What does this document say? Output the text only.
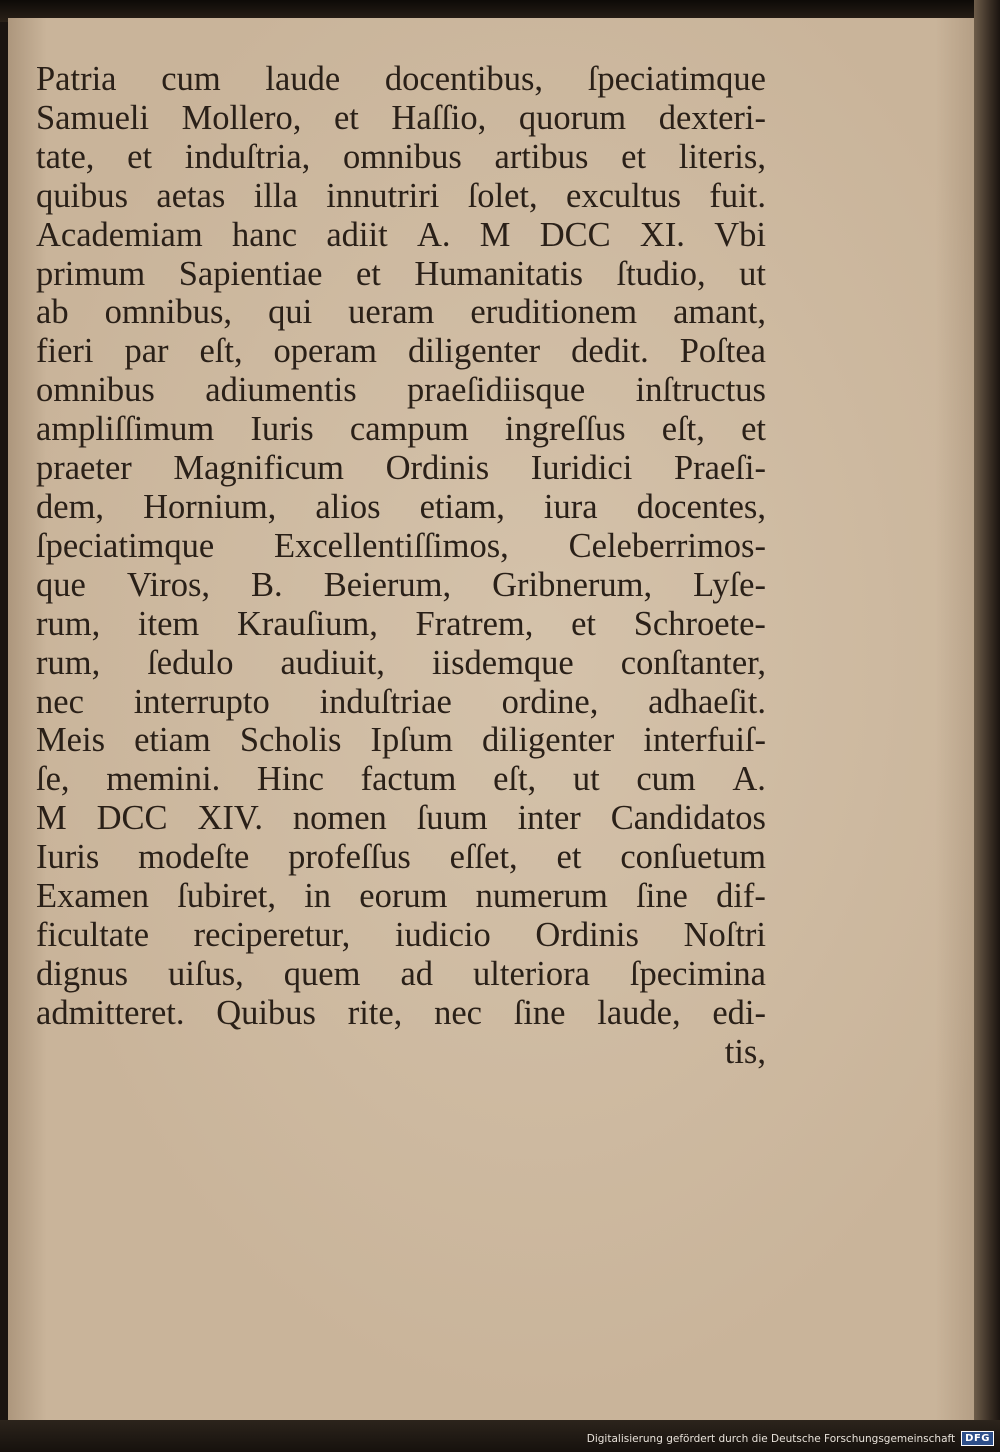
Patria cum laude docentibus, ſpeciatimque
Samueli Mollero, et Haſſio, quorum dexteri-
tate, et induſtria, omnibus artibus et literis,
quibus aetas illa innutriri ſolet, excultus fuit.
Academiam hanc adiit A. M DCC XI. Vbi
primum Sapientiae et Humanitatis ſtudio, ut
ab omnibus, qui ueram eruditionem amant,
fieri par eſt, operam diligenter dedit. Poſtea
omnibus adiumentis praeſidiisque inſtructus
ampliſſimum Iuris campum ingreſſus eſt, et
praeter Magnificum Ordinis Iuridici Praeſi-
dem, Hornium, alios etiam, iura docentes,
ſpeciatimque Excellentiſſimos, Celeberrimos-
que Viros, B. Beierum, Gribnerum, Lyſe-
rum, item Krauſium, Fratrem, et Schroete-
rum, ſedulo audiuit, iisdemque conſtanter,
nec interrupto induſtriae ordine, adhaeſit.
Meis etiam Scholis Ipſum diligenter interfuiſ-
ſe, memini. Hinc factum eſt, ut cum A.
M DCC XIV. nomen ſuum inter Candidatos
Iuris modeſte profeſſus eſſet, et conſuetum
Examen ſubiret, in eorum numerum ſine dif-
ficultate reciperetur, iudicio Ordinis Noſtri
dignus uiſus, quem ad ulteriora ſpecimina
admitteret. Quibus rite, nec ſine laude, edi-
tis,
Digitalisierung gefördert durch die Deutsche Forschungsgemeinschaft	DFG
